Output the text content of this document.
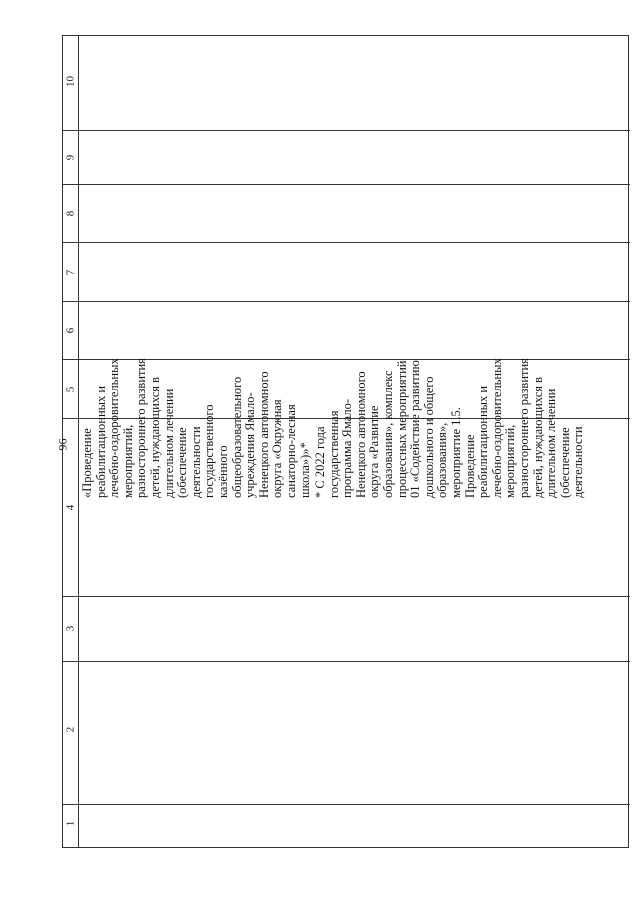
96
10
9
8
7
6
5
4
3
2
1
«Проведение
реабилитационных и
лечебно-оздоровительных
мероприятий,
разностороннего развития
детей, нуждающихся в
длительном лечении
(обеспечение
деятельности
государственного
казённого
общеобразовательного
учреждения Ямало-
Ненецкого автономного
округа «Окружная
санаторно-лесная
школа»)»* * С 2022 года
государственная
программа Ямало-
Ненецкого автономного
округа «Развитие
образования», комплекс
процессных мероприятий
01 «Содействие развитию
дошкольного и общего
образования»,
мероприятие 1.5.
Проведение
реабилитационных и
лечебно-оздоровительных
мероприятий,
разностороннего развития
детей, нуждающихся в
длительном лечении
(обеспечение
деятельности
